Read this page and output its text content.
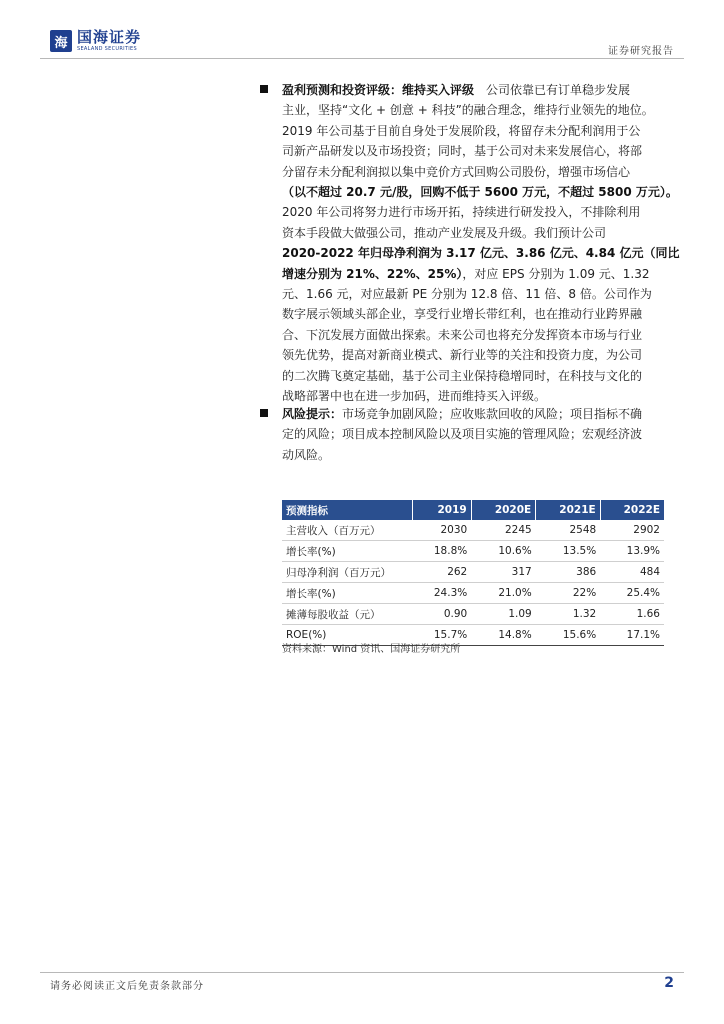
海 国海证券
SEALAND SECURITIES	证券研究报告
盈利预测和投资评级：维持买入评级　公司依靠已有订单稳步发展
主业，坚持“文化 + 创意 + 科技”的融合理念，维持行业领先的地位。
2019 年公司基于目前自身处于发展阶段，将留存未分配利润用于公
司新产品研发以及市场投资；同时，基于公司对未来发展信心，将部
分留存未分配利润拟以集中竞价方式回购公司股份，增强市场信心
（以不超过 20.7 元/股，回购不低于 5600 万元，不超过 5800 万元）。
2020 年公司将努力进行市场开拓，持续进行研发投入，不排除利用
资本手段做大做强公司，推动产业发展及升级。我们预计公司
2020-2022 年归母净利润为 3.17 亿元、3.86 亿元、4.84 亿元（同比
增速分别为 21%、22%、25%），对应 EPS 分别为 1.09 元、1.32
元、1.66 元，对应最新 PE 分别为 12.8 倍、11 倍、8 倍。公司作为
数字展示领域头部企业，享受行业增长带红利，也在推动行业跨界融
合、下沉发展方面做出探索。未来公司也将充分发挥资本市场与行业
领先优势，提高对新商业模式、新行业等的关注和投资力度，为公司
的二次腾飞奠定基础，基于公司主业保持稳增同时，在科技与文化的
战略部署中也在进一步加码，进而维持买入评级。
风险提示：市场竞争加剧风险；应收账款回收的风险；项目指标不确
定的风险；项目成本控制风险以及项目实施的管理风险；宏观经济波
动风险。
预测指标	2019	2020E	2021E	2022E
主营收入（百万元）	2030	2245	2548	2902
增长率(%)	18.8%	10.6%	13.5%	13.9%
归母净利润（百万元）	262	317	386	484
增长率(%)	24.3%	21.0%	22%	25.4%
摊薄每股收益（元）	0.90	1.09	1.32	1.66
ROE(%)	15.7%	14.8%	15.6%	17.1%
资料来源：Wind 资讯、国海证券研究所
请务必阅读正文后免责条款部分	2
